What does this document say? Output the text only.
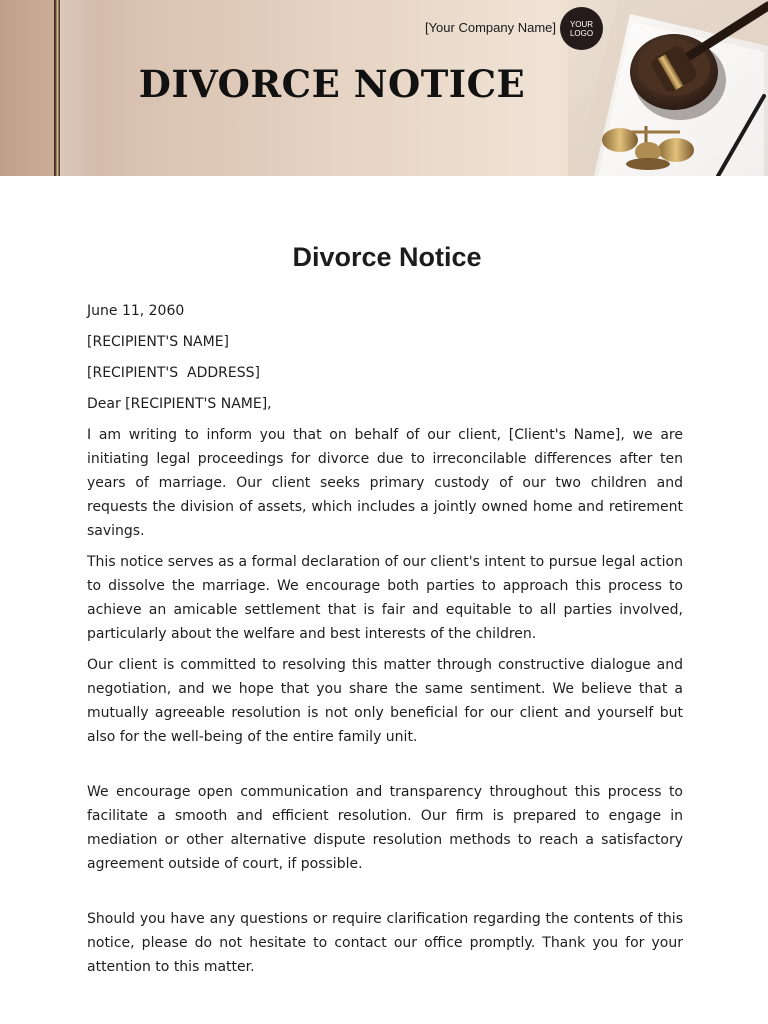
[Your Company Name] YOUR
LOGO
DIVORCE NOTICE
Divorce Notice

June 11, 2060

[RECIPIENT'S NAME]

[RECIPIENT'S  ADDRESS]

Dear [RECIPIENT'S NAME],

I am writing to inform you that on behalf of our client, [Client's Name], we are initiating legal proceedings for divorce due to irreconcilable differences after ten years of marriage. Our client seeks primary custody of our two children and requests the division of assets, which includes a jointly owned home and retirement savings.

This notice serves as a formal declaration of our client's intent to pursue legal action to dissolve the marriage. We encourage both parties to approach this process to achieve an amicable settlement that is fair and equitable to all parties involved, particularly about the welfare and best interests of the children.

Our client is committed to resolving this matter through constructive dialogue and negotiation, and we hope that you share the same sentiment. We believe that a mutually agreeable resolution is not only beneficial for our client and yourself but also for the well-being of the entire family unit.

We encourage open communication and transparency throughout this process to facilitate a smooth and efficient resolution. Our firm is prepared to engage in mediation or other alternative dispute resolution methods to reach a satisfactory agreement outside of court, if possible.

Should you have any questions or require clarification regarding the contents of this notice, please do not hesitate to contact our office promptly. Thank you for your attention to this matter.
